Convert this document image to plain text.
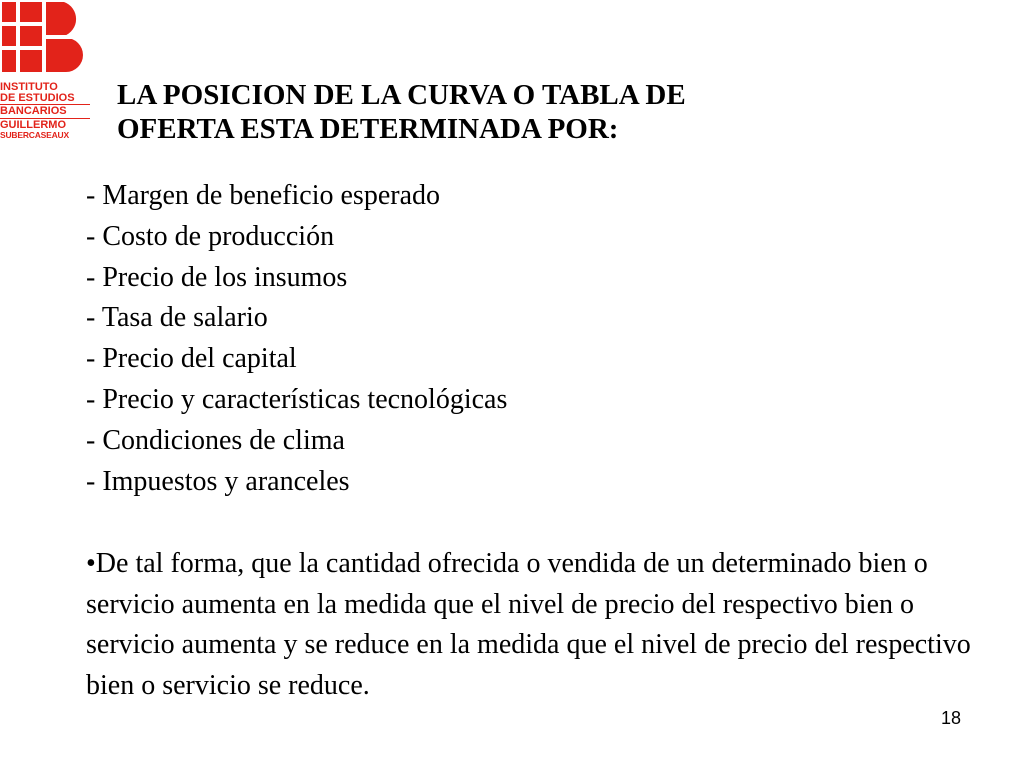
INSTITUTO
DE ESTUDIOS
BANCARIOS
GUILLERMO
SUBERCASEAUX
LA POSICION DE LA CURVA O TABLA DE
OFERTA ESTA DETERMINADA POR:
- Margen de beneficio esperado
- Costo de producción
- Precio de los insumos
- Tasa de salario
- Precio del capital
- Precio y características tecnológicas
- Condiciones de clima
- Impuestos y aranceles

•De tal forma, que la cantidad ofrecida o vendida de un determinado bien o servicio aumenta en la medida que el nivel de precio del respectivo bien o servicio aumenta y se reduce en la medida que el nivel de precio del respectivo bien o servicio se reduce.

18
